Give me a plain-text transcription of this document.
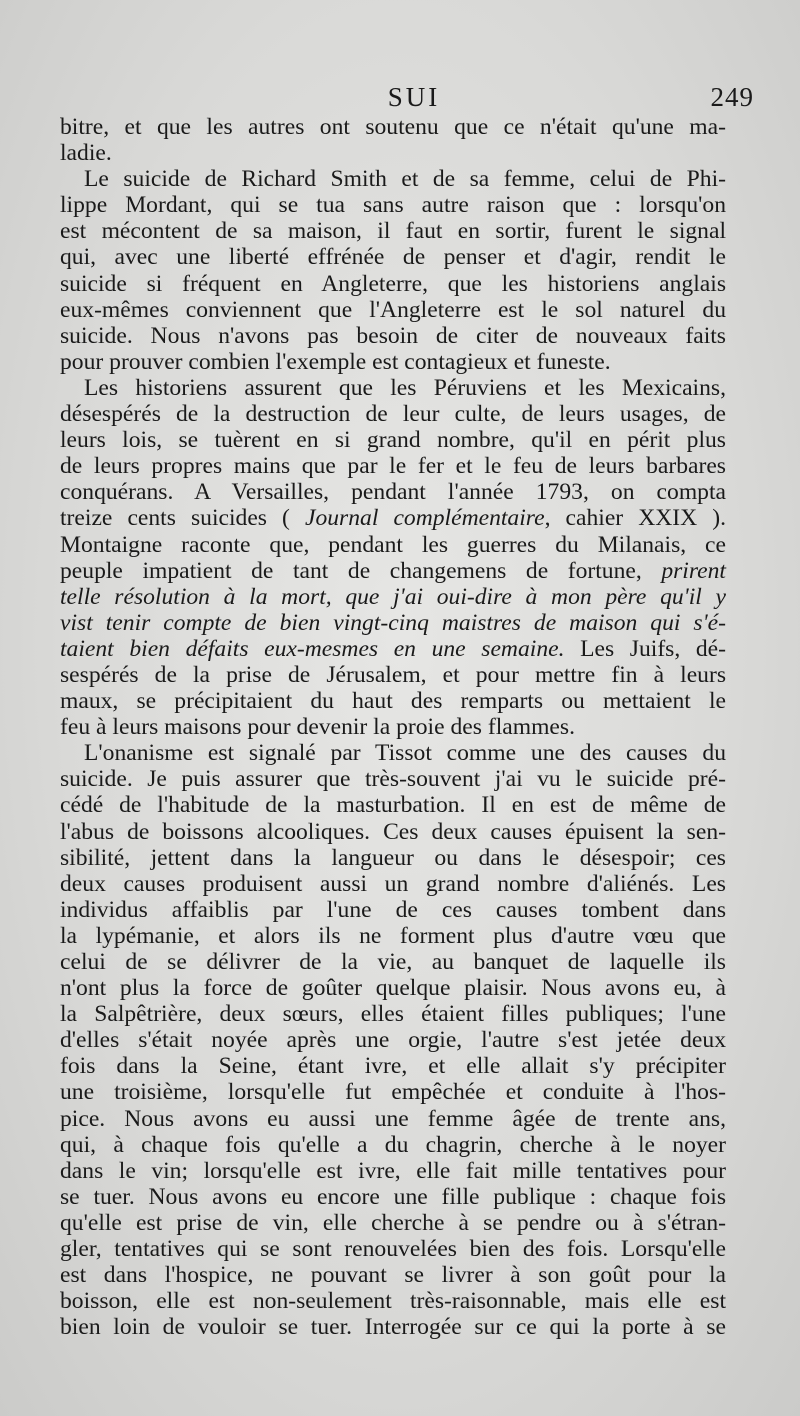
SUI	249
bitre, et que les autres ont soutenu que ce n'était qu'une ma-
ladie.
Le suicide de Richard Smith et de sa femme, celui de Phi-
lippe Mordant, qui se tua sans autre raison que : lorsqu'on
est mécontent de sa maison, il faut en sortir, furent le signal
qui, avec une liberté effrénée de penser et d'agir, rendit le
suicide si fréquent en Angleterre, que les historiens anglais
eux-mêmes conviennent que l'Angleterre est le sol naturel du
suicide. Nous n'avons pas besoin de citer de nouveaux faits
pour prouver combien l'exemple est contagieux et funeste.
Les historiens assurent que les Péruviens et les Mexicains,
désespérés de la destruction de leur culte, de leurs usages, de
leurs lois, se tuèrent en si grand nombre, qu'il en périt plus
de leurs propres mains que par le fer et le feu de leurs barbares
conquérans. A Versailles, pendant l'année 1793, on compta
treize cents suicides ( Journal complémentaire, cahier XXIX ).
Montaigne raconte que, pendant les guerres du Milanais, ce
peuple impatient de tant de changemens de fortune, prirent
telle résolution à la mort, que j'ai oui-dire à mon père qu'il y
vist tenir compte de bien vingt-cinq maistres de maison qui s'é-
taient bien défaits eux-mesmes en une semaine. Les Juifs, dé-
sespérés de la prise de Jérusalem, et pour mettre fin à leurs
maux, se précipitaient du haut des remparts ou mettaient le
feu à leurs maisons pour devenir la proie des flammes.
L'onanisme est signalé par Tissot comme une des causes du
suicide. Je puis assurer que très-souvent j'ai vu le suicide pré-
cédé de l'habitude de la masturbation. Il en est de même de
l'abus de boissons alcooliques. Ces deux causes épuisent la sen-
sibilité, jettent dans la langueur ou dans le désespoir; ces
deux causes produisent aussi un grand nombre d'aliénés. Les
individus affaiblis par l'une de ces causes tombent dans
la lypémanie, et alors ils ne forment plus d'autre vœu que
celui de se délivrer de la vie, au banquet de laquelle ils
n'ont plus la force de goûter quelque plaisir. Nous avons eu, à
la Salpêtrière, deux sœurs, elles étaient filles publiques; l'une
d'elles s'était noyée après une orgie, l'autre s'est jetée deux
fois dans la Seine, étant ivre, et elle allait s'y précipiter
une troisième, lorsqu'elle fut empêchée et conduite à l'hos-
pice. Nous avons eu aussi une femme âgée de trente ans,
qui, à chaque fois qu'elle a du chagrin, cherche à le noyer
dans le vin; lorsqu'elle est ivre, elle fait mille tentatives pour
se tuer. Nous avons eu encore une fille publique : chaque fois
qu'elle est prise de vin, elle cherche à se pendre ou à s'étran-
gler, tentatives qui se sont renouvelées bien des fois. Lorsqu'elle
est dans l'hospice, ne pouvant se livrer à son goût pour la
boisson, elle est non-seulement très-raisonnable, mais elle est
bien loin de vouloir se tuer. Interrogée sur ce qui la porte à se
